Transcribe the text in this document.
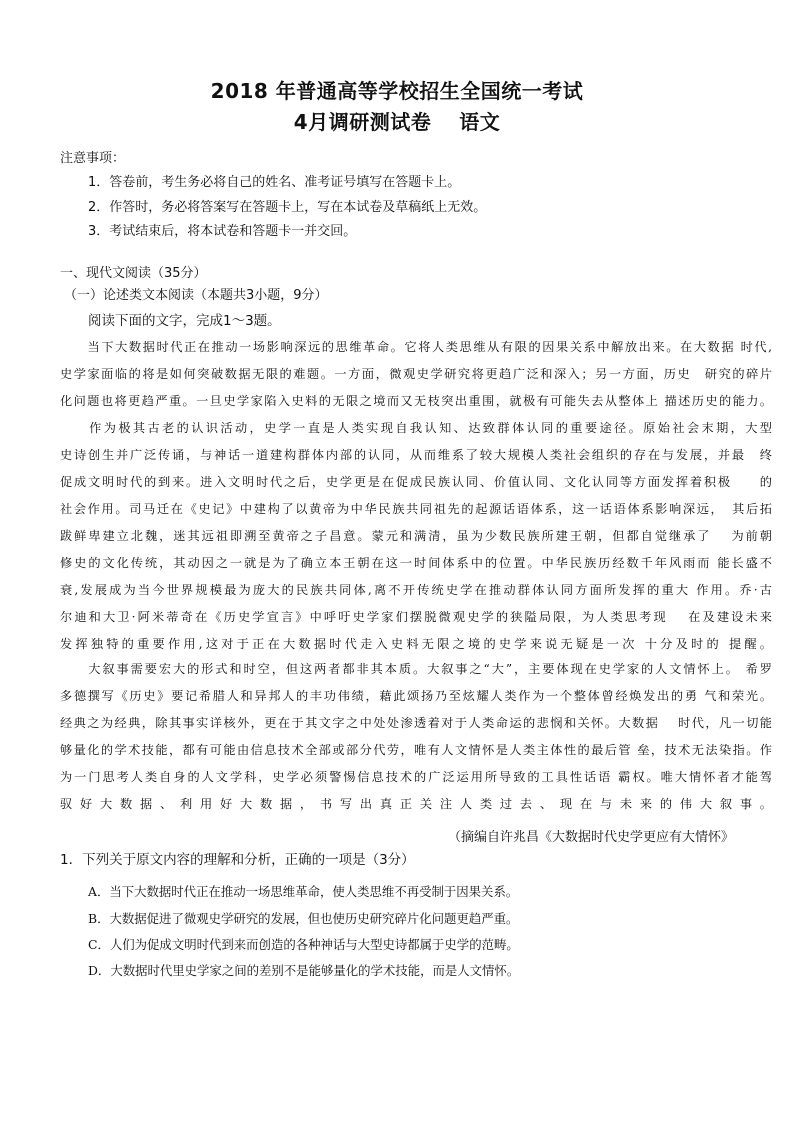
2018 年普通高等学校招生全国统一考试
4月调研测试卷 语文
注意事项：
1．答卷前，考生务必将自己的姓名、准考证号填写在答题卡上。
2．作答时，务必将答案写在答题卡上，写在本试卷及草稿纸上无效。
3．考试结束后，将本试卷和答题卡一并交回。
一、现代文阅读（35分）
（一）论述类文本阅读（本题共3小题，9分）
阅读下面的文字，完成1～3题。
　　当下大数据时代正在推动一场影响深远的思维革命。它将人类思维从有限的因果关系中解放出来。在大数据 时代,
史学家面临的将是如何突破数据无限的难题。一方面，微观史学研究将更趋广泛和深入；另一方面，历史　研究的碎片
化问题也将更趋严重。一旦史学家陷入史料的无限之境而又无枝突出重围，就极有可能失去从整体上 描述历史的能力。
　　作为极其古老的认识活动，史学一直是人类实现自我认知、达致群体认同的重要途径。原始社会末期，大型
史诗创生并广泛传诵，与神话一道建构群体内部的认同，从而维系了较大规模人类社会组织的存在与发展，并最　终
促成文明时代的到来。进入文明时代之后，史学更是在促成民族认同、价值认同、文化认同等方面发挥着积极　　的
社会作用。司马迁在《史记》中建构了以黄帝为中华民族共同祖先的起源话语体系，这一话语体系影响深远，　其后拓
跋鲜卑建立北魏，迷其远祖即溯至黄帝之子昌意。蒙元和满清，虽为少数民族所建王朝，但都自觉继承了　 为前朝
修史的文化传统，其动因之一就是为了确立本王朝在这一时间体系中的位置。中华民族历经数千年风雨而 能长盛不
衰,发展成为当今世界规模最为庞大的民族共同体,离不开传统史学在推动群体认同方面所发挥的重大 作用。乔·古
尔迪和大卫·阿米蒂奇在《历史学宣言》中呼吁史学家们摆脱微观史学的狭隘局限，为人类思考现　 在及建设未来
发挥独特的重要作用,这对于正在大数据时代走入史料无限之境的史学来说无疑是一次 十分及时的 提醒。
　　大叙事需要宏大的形式和时空，但这两者都非其本质。大叙事之“大”，主要体现在史学家的人文情怀上。 希罗
多德撰写《历史》要记希腊人和异邦人的丰功伟绩，藉此颂扬乃至炫耀人类作为一个整体曾经焕发出的勇 气和荣光。
经典之为经典，除其事实详核外，更在于其文字之中处处渗透着对于人类命运的悲悯和关怀。大数据　 时代，凡一切能
够量化的学术技能，都有可能由信息技术全部或部分代劳，唯有人文情怀是人类主体性的最后管 垒，技术无法染指。作
为一门思考人类自身的人文学科，史学必须警惕信息技术的广泛运用所导致的工具性话语 霸权。唯大情怀者才能驾
驭好大数据、利用好大数据，书写出真正关注人类过去、现在与未来的伟大叙事。
（摘编自许兆昌《大数据时代史学更应有大情怀》
1．下列关于原文内容的理解和分析，正确的一项是（3分）
A．当下大数据时代正在推动一场思维革命，使人类思维不再受制于因果关系。
B．大数据促进了微观史学研究的发展，但也使历史研究碎片化问题更趋严重。
C．人们为促成文明时代到来而创造的各种神话与大型史诗都属于史学的范畴。
D．大数据时代里史学家之间的差别不是能够量化的学术技能，而是人文情怀。
